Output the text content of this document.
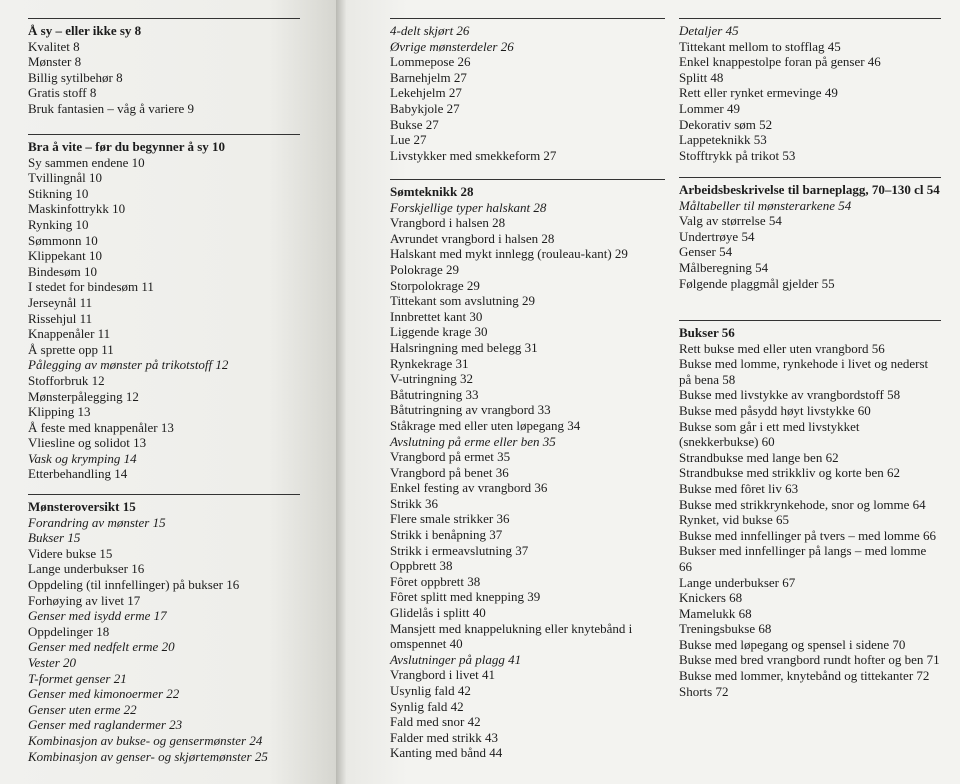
Å sy – eller ikke sy 8
Kvalitet 8
Mønster 8
Billig sytilbehør 8
Gratis stoff 8
Bruk fantasien – våg å variere 9
Bra å vite – før du begynner å sy 10
Sy sammen endene 10
Tvillingnål 10
Stikning 10
Maskinfottrykk 10
Rynking 10
Sømmonn 10
Klippekant 10
Bindesøm 10
I stedet for bindesøm 11
Jerseynål 11
Rissehjul 11
Knappenåler 11
Å sprette opp 11
Pålegging av mønster på trikotstoff 12
Stofforbruk 12
Mønsterpålegging 12
Klipping 13
Å feste med knappenåler 13
Vliesline og solidot 13
Vask og krymping 14
Etterbehandling 14
Mønsteroversikt 15
Forandring av mønster 15
Bukser 15
Videre bukse 15
Lange underbukser 16
Oppdeling (til innfellinger) på bukser 16
Forhøying av livet 17
Genser med isydd erme 17
Oppdelinger 18
Genser med nedfelt erme 20
Vester 20
T-formet genser 21
Genser med kimonoermer 22
Genser uten erme 22
Genser med raglandermer 23
Kombinasjon av bukse- og gensermønster 24
Kombinasjon av genser- og skjørtemønster 25
4-delt skjørt 26
Øvrige mønsterdeler 26
Lommepose 26
Barnehjelm 27
Lekehjelm 27
Babykjole 27
Bukse 27
Lue 27
Livstykker med smekkeform 27
Sømteknikk 28
Forskjellige typer halskant 28
Vrangbord i halsen 28
Avrundet vrangbord i halsen 28
Halskant med mykt innlegg (rouleau-kant) 29
Polokrage 29
Storpolokrage 29
Tittekant som avslutning 29
Innbrettet kant 30
Liggende krage 30
Halsringning med belegg 31
Rynkekrage 31
V-utringning 32
Båtutringning 33
Båtutringning av vrangbord 33
Ståkrage med eller uten løpegang 34
Avslutning på erme eller ben 35
Vrangbord på ermet 35
Vrangbord på benet 36
Enkel festing av vrangbord 36
Strikk 36
Flere smale strikker 36
Strikk i benåpning 37
Strikk i ermeavslutning 37
Oppbrett 38
Fôret oppbrett 38
Fôret splitt med knepping 39
Glidelås i splitt 40
Mansjett med knappelukning eller knytebånd i omspennet 40
Avslutninger på plagg 41
Vrangbord i livet 41
Usynlig fald 42
Synlig fald 42
Fald med snor 42
Falder med strikk 43
Kanting med bånd 44
Detaljer 45
Tittekant mellom to stofflag 45
Enkel knappestolpe foran på genser 46
Splitt 48
Rett eller rynket ermevinge 49
Lommer 49
Dekorativ søm 52
Lappeteknikk 53
Stofftrykk på trikot 53
Arbeidsbeskrivelse til barneplagg, 70–130 cl 54
Måltabeller til mønsterarkene 54
Valg av størrelse 54
Undertrøye 54
Genser 54
Målberegning 54
Følgende plaggmål gjelder 55
Bukser 56
Rett bukse med eller uten vrangbord 56
Bukse med lomme, rynkehode i livet og nederst på bena 58
Bukse med livstykke av vrangbordstoff 58
Bukse med påsydd høyt livstykke 60
Bukse som går i ett med livstykket (snekkerbukse) 60
Strandbukse med lange ben 62
Strandbukse med strikkliv og korte ben 62
Bukse med fôret liv 63
Bukse med strikkrynkehode, snor og lomme 64
Rynket, vid bukse 65
Bukse med innfellinger på tvers – med lomme 66
Bukser med innfellinger på langs – med lomme 66
Lange underbukser 67
Knickers 68
Mamelukk 68
Treningsbukse 68
Bukse med løpegang og spensel i sidene 70
Bukse med bred vrangbord rundt hofter og ben 71
Bukse med lommer, knytebånd og tittekanter 72
Shorts 72
